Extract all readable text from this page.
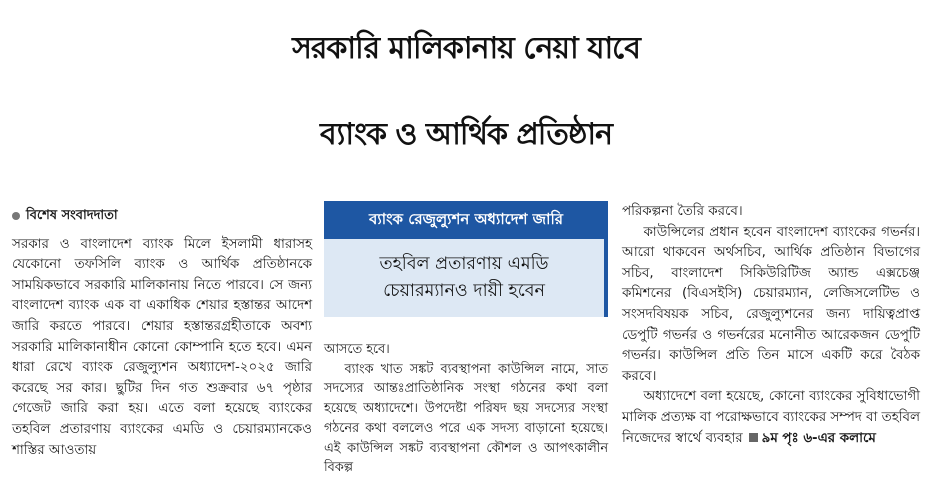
সরকারি মালিকানায় নেয়া যাবে
ব্যাংক ও আর্থিক প্রতিষ্ঠান
বিশেষ সংবাদদাতা

সরকার ও বাংলাদেশ ব্যাংক মিলে ইসলামী ধারাসহ যেকোনো তফসিলি ব্যাংক ও আর্থিক প্রতিষ্ঠানকে সাময়িকভাবে সরকারি মালিকানায় নিতে পারবে। সে জন্য বাংলাদেশ ব্যাংক এক বা একাধিক শেয়ার হস্তান্তর আদেশ জারি করতে পারবে। শেয়ার হস্তান্তরগ্রহীতাকে অবশ্য সরকারি মালিকানাধীন কোনো কোম্পানি হতে হবে। এমন ধারা রেখে ব্যাংক রেজুল্যুশন অধ্যাদেশ-২০২৫ জারি করেছে সর কার। ছুটির দিন গত শুক্রবার ৬৭ পৃষ্ঠার গেজেট জারি করা হয়। এতে বলা হয়েছে ব্যাংকের তহবিল প্রতারণায় ব্যাংকের এমডি ও চেয়ারম্যানকেও শাস্তির আওতায়

ব্যাংক রেজুল্যুশন অধ্যাদেশ জারি
তহবিল প্রতারণায় এমডি
চেয়ারম্যানও দায়ী হবেন

আসতে হবে।

ব্যাংক খাত সঙ্কট ব্যবস্থাপনা কাউন্সিল নামে, সাত সদস্যের আন্তঃপ্রাতিষ্ঠানিক সংস্থা গঠনের কথা বলা হয়েছে অধ্যাদেশে। উপদেষ্টা পরিষদ ছয় সদস্যের সংস্থা গঠনের কথা বললেও পরে এক সদস্য বাড়ানো হয়েছে। এই কাউন্সিল সঙ্কট ব্যবস্থাপনা কৌশল ও আপৎকালীন বিকল্প

পরিকল্পনা তৈরি করবে।

কাউন্সিলের প্রধান হবেন বাংলাদেশ ব্যাংকের গভর্নর। আরো থাকবেন অর্থসচিব, আর্থিক প্রতিষ্ঠান বিভাগের সচিব, বাংলাদেশ সিকিউরিটিজ অ্যান্ড এক্সচেঞ্জ কমিশনের (বিএসইসি) চেয়ারম্যান, লেজিসলেটিভ ও সংসদবিষয়ক সচিব, রেজুল্যুশনের জন্য দায়িত্বপ্রাপ্ত ডেপুটি গভর্নর ও গভর্নরের মনোনীত আরেকজন ডেপুটি গভর্নর। কাউন্সিল প্রতি তিন মাসে একটি করে বৈঠক করবে।

অধ্যাদেশে বলা হয়েছে, কোনো ব্যাংকের সুবিধাভোগী মালিক প্রত্যক্ষ বা পরোক্ষভাবে ব্যাংকের সম্পদ বা তহবিল নিজেদের স্বার্থে ব্যবহার ৯ম পৃঃ ৬-এর কলামে
